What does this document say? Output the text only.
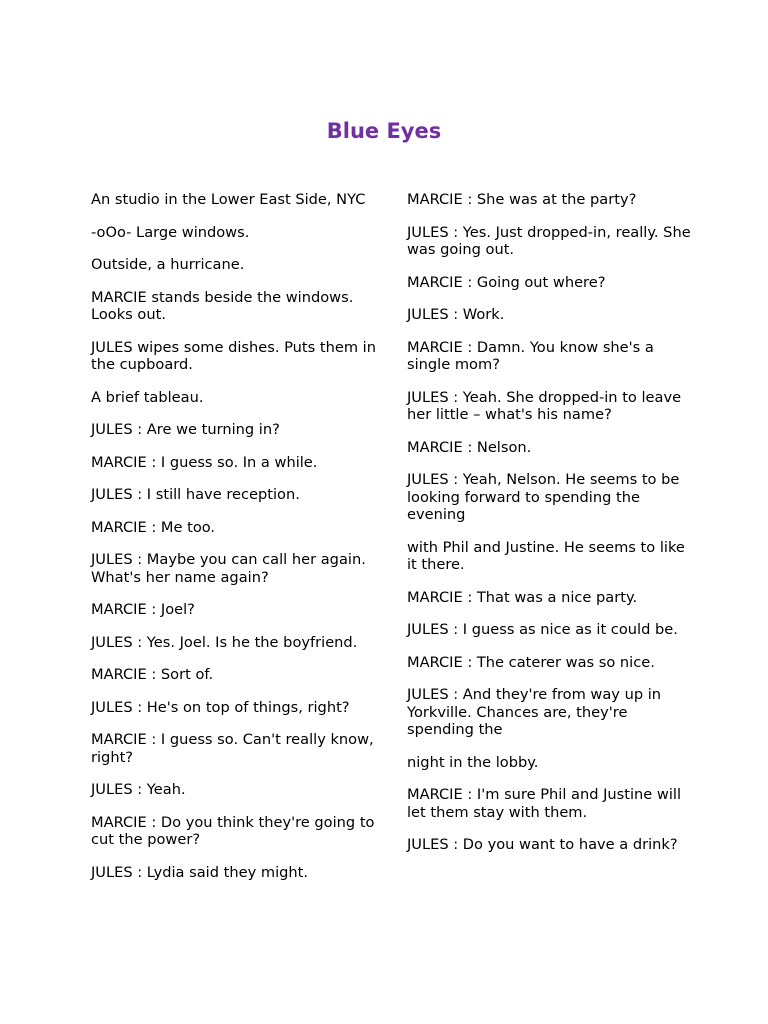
Blue Eyes

An studio in the Lower East Side, NYC

-oOo- Large windows.

Outside, a hurricane.

MARCIE stands beside the windows. Looks out.

JULES wipes some dishes. Puts them in the cupboard.

A brief tableau.

JULES : Are we turning in?

MARCIE : I guess so. In a while.

JULES : I still have reception.

MARCIE : Me too.

JULES : Maybe you can call her again. What's her name again?

MARCIE : Joel?

JULES : Yes. Joel. Is he the boyfriend.

MARCIE : Sort of.

JULES : He's on top of things, right?

MARCIE : I guess so. Can't really know, right?

JULES : Yeah.

MARCIE : Do you think they're going to cut the power?

JULES : Lydia said they might.

MARCIE : She was at the party?

JULES : Yes. Just dropped-in, really. She was going out.

MARCIE : Going out where?

JULES : Work.

MARCIE : Damn. You know she's a single mom?

JULES : Yeah. She dropped-in to leave her little – what's his name?

MARCIE : Nelson.

JULES : Yeah, Nelson. He seems to be looking forward to spending the evening

with Phil and Justine. He seems to like it there.

MARCIE : That was a nice party.

JULES : I guess as nice as it could be.

MARCIE : The caterer was so nice.

JULES : And they're from way up in Yorkville. Chances are, they're spending the

night in the lobby.

MARCIE : I'm sure Phil and Justine will let them stay with them.

JULES : Do you want to have a drink?
